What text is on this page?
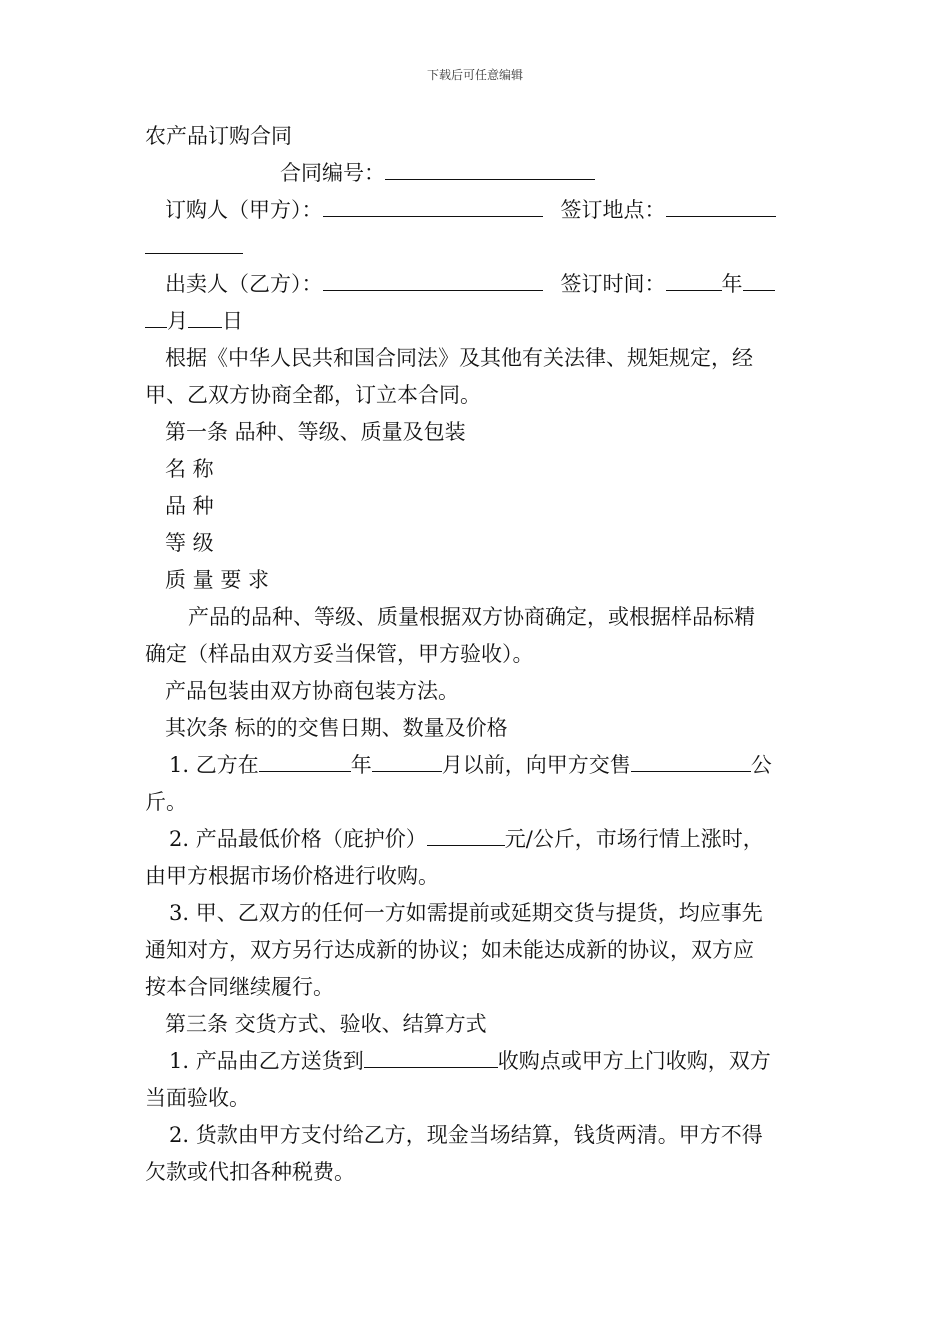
下载后可任意编辑
农产品订购合同
合同编号：
订购人（甲方）：	签订地点：
出卖人（乙方）：	签订时间：	年
月 日
根据《中华人民共和国合同法》及其他有关法律、规矩规定，经
甲、乙双方协商全都，订立本合同。
第一条 品种、等级、质量及包装
名 称
品 种
等 级
质 量 要 求
产品的品种、等级、质量根据双方协商确定，或根据样品标精
确定（样品由双方妥当保管，甲方验收）。
产品包装由双方协商包装方法。
其次条 标的的交售日期、数量及价格
1. 乙方在	年	月以前，向甲方交售	公
斤。
2. 产品最低价格（庇护价）	元/公斤，市场行情上涨时，
由甲方根据市场价格进行收购。
3. 甲、乙双方的任何一方如需提前或延期交货与提货，均应事先
通知对方，双方另行达成新的协议；如未能达成新的协议，双方应
按本合同继续履行。
第三条 交货方式、验收、结算方式
1. 产品由乙方送货到	收购点或甲方上门收购，双方
当面验收。
2. 货款由甲方支付给乙方，现金当场结算，钱货两清。甲方不得
欠款或代扣各种税费。
